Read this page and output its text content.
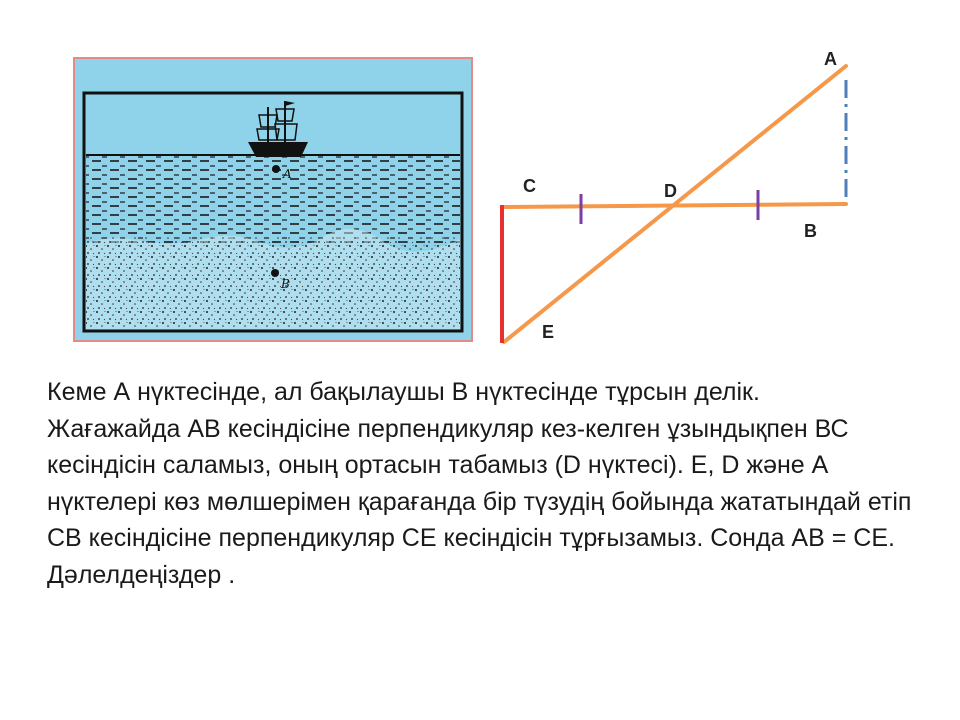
A
B
A
C	D
B
E

Кеме А нүктесінде, ал бақылаушы В нүктесінде тұрсын делік.

Жағажайда АВ кесіндісіне перпендикуляр кез-келген ұзындықпен ВС кесіндісін саламыз, оның ортасын табамыз (D нүктесі). Е, D және А нүктелері көз мөлшерімен қарағанда бір түзудің бойында жататындай етіп СВ кесіндісіне перпендикуляр СЕ кесіндісін тұрғызамыз. Сонда АВ = СЕ. Дәлелдеңіздер .
